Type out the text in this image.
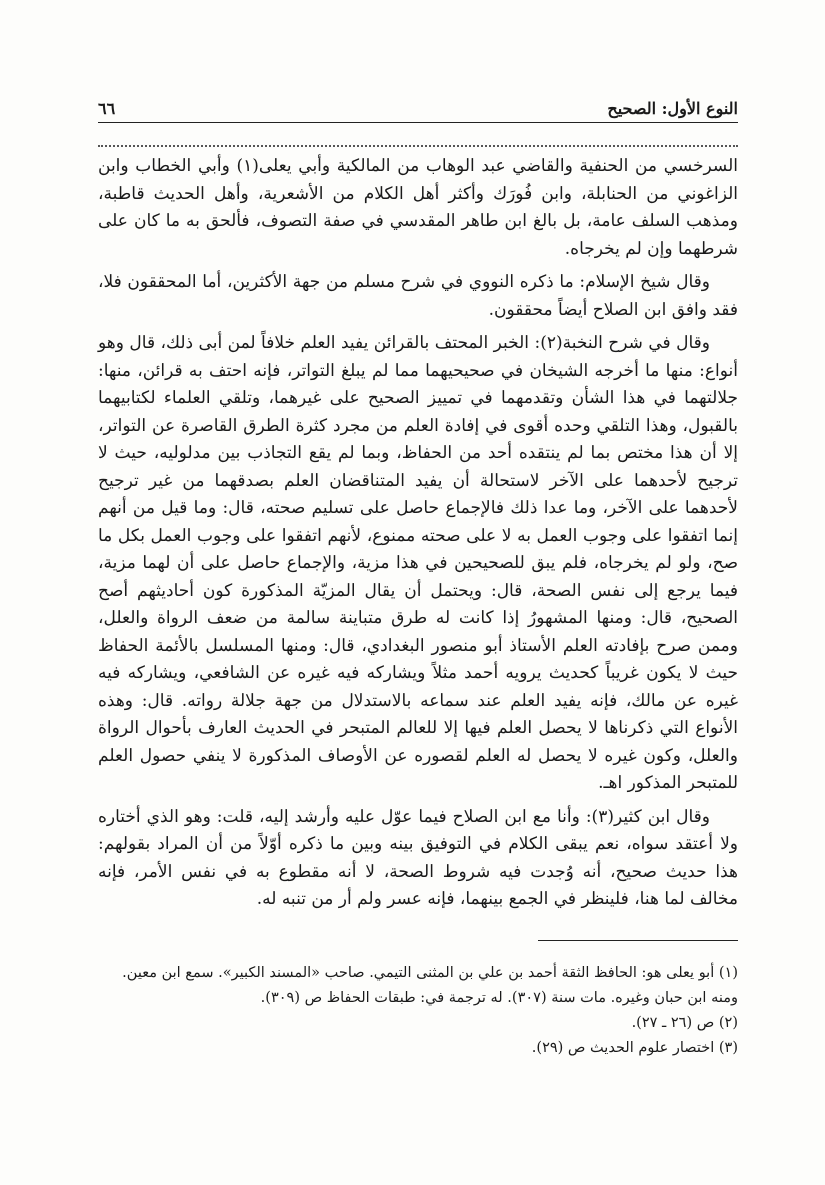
النوع الأول: الصحيح
٦٦

السرخسي من الحنفية والقاضي عبد الوهاب من المالكية وأبي يعلى(١) وأبي الخطاب وابن الزاغوني من الحنابلة، وابن فُورَك وأكثر أهل الكلام من الأشعرية، وأهل الحديث قاطبة، ومذهب السلف عامة، بل بالغ ابن طاهر المقدسي في صفة التصوف، فألحق به ما كان على شرطهما وإن لم يخرجاه.

وقال شيخ الإسلام: ما ذكره النووي في شرح مسلم من جهة الأكثرين، أما المحققون فلا، فقد وافق ابن الصلاح أيضاً محققون.

وقال في شرح النخبة(٢): الخبر المحتف بالقرائن يفيد العلم خلافاً لمن أبى ذلك، قال وهو أنواع: منها ما أخرجه الشيخان في صحيحيهما مما لم يبلغ التواتر، فإنه احتف به قرائن، منها: جلالتهما في هذا الشأن وتقدمهما في تمييز الصحيح على غيرهما، وتلقي العلماء لكتابيهما بالقبول، وهذا التلقي وحده أقوى في إفادة العلم من مجرد كثرة الطرق القاصرة عن التواتر، إلا أن هذا مختص بما لم ينتقده أحد من الحفاظ، وبما لم يقع التجاذب بين مدلوليه، حيث لا ترجيح لأحدهما على الآخر لاستحالة أن يفيد المتناقضان العلم بصدقهما من غير ترجيح لأحدهما على الآخر، وما عدا ذلك فالإجماع حاصل على تسليم صحته، قال: وما قيل من أنهم إنما اتفقوا على وجوب العمل به لا على صحته ممنوع، لأنهم اتفقوا على وجوب العمل بكل ما صح، ولو لم يخرجاه، فلم يبق للصحيحين في هذا مزية، والإجماع حاصل على أن لهما مزية، فيما يرجع إلى نفس الصحة، قال: ويحتمل أن يقال المزيّة المذكورة كون أحاديثهم أصح الصحيح، قال: ومنها المشهورُ إذا كانت له طرق متباينة سالمة من ضعف الرواة والعلل، وممن صرح بإفادته العلم الأستاذ أبو منصور البغدادي، قال: ومنها المسلسل بالأئمة الحفاظ حيث لا يكون غريباً كحديث يرويه أحمد مثلاً ويشاركه فيه غيره عن الشافعي، ويشاركه فيه غيره عن مالك، فإنه يفيد العلم عند سماعه بالاستدلال من جهة جلالة رواته. قال: وهذه الأنواع التي ذكرناها لا يحصل العلم فيها إلا للعالم المتبحر في الحديث العارف بأحوال الرواة والعلل، وكون غيره لا يحصل له العلم لقصوره عن الأوصاف المذكورة لا ينفي حصول العلم للمتبحر المذكور اهـ.

وقال ابن كثير(٣): وأنا مع ابن الصلاح فيما عوّل عليه وأرشد إليه، قلت: وهو الذي أختاره ولا أعتقد سواه، نعم يبقى الكلام في التوفيق بينه وبين ما ذكره أوّلاً من أن المراد بقولهم: هذا حديث صحيح، أنه وُجدت فيه شروط الصحة، لا أنه مقطوع به في نفس الأمر، فإنه مخالف لما هنا، فلينظر في الجمع بينهما، فإنه عسر ولم أر من تنبه له.

(١) أبو يعلى هو: الحافظ الثقة أحمد بن علي بن المثنى التيمي. صاحب «المسند الكبير». سمع ابن معين. ومنه ابن حبان وغيره. مات سنة (٣٠٧). له ترجمة في: طبقات الحفاظ ص (٣٠٩).

(٢) ص (٢٦ ـ ٢٧).

(٣) اختصار علوم الحديث ص (٢٩).
